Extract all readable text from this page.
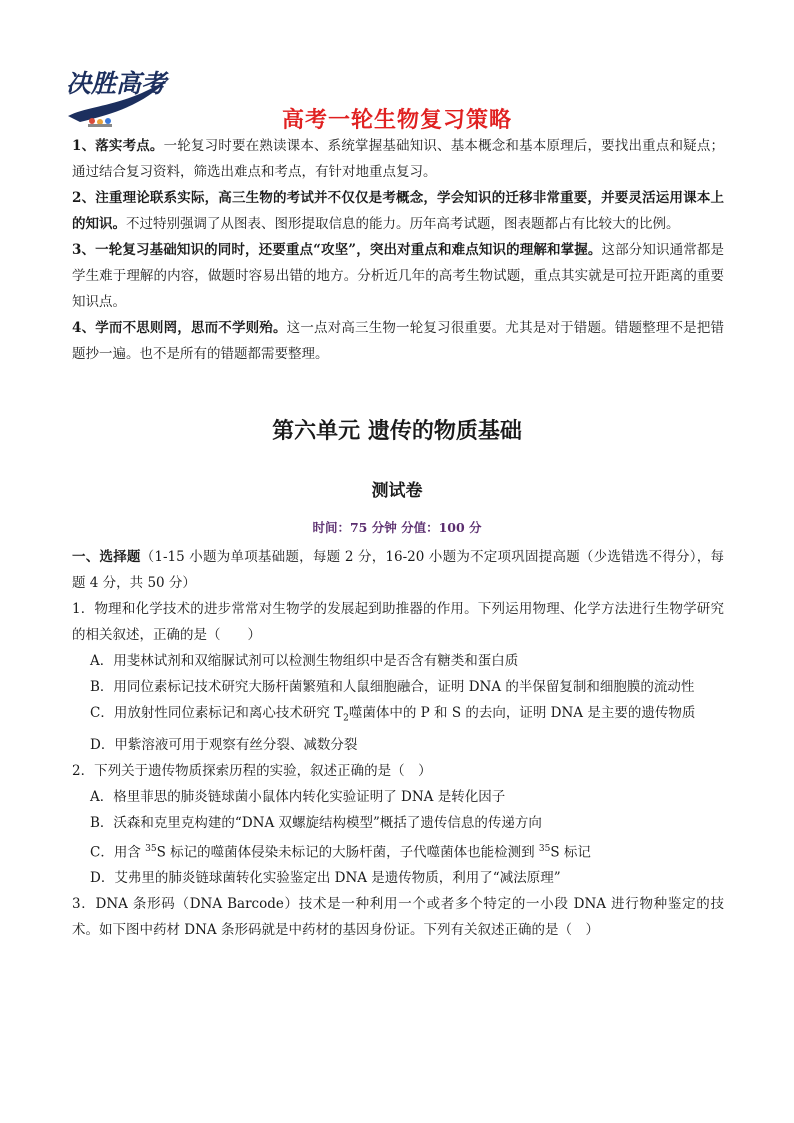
决胜高考
高考一轮生物复习策略

1、落实考点。一轮复习时要在熟读课本、系统掌握基础知识、基本概念和基本原理后，要找出重点和疑点；通过结合复习资料，筛选出难点和考点，有针对地重点复习。

2、注重理论联系实际，高三生物的考试并不仅仅是考概念，学会知识的迁移非常重要，并要灵活运用课本上的知识。不过特别强调了从图表、图形提取信息的能力。历年高考试题，图表题都占有比较大的比例。

3、一轮复习基础知识的同时，还要重点“攻坚”，突出对重点和难点知识的理解和掌握。这部分知识通常都是学生难于理解的内容，做题时容易出错的地方。分析近几年的高考生物试题，重点其实就是可拉开距离的重要知识点。

4、学而不思则罔，思而不学则殆。这一点对高三生物一轮复习很重要。尤其是对于错题。错题整理不是把错题抄一遍。也不是所有的错题都需要整理。

第六单元 遗传的物质基础
测试卷
时间：75 分钟 分值：100 分

一、选择题（1-15 小题为单项基础题，每题 2 分，16-20 小题为不定项巩固提高题（少选错选不得分），每题 4 分，共 50 分）

1．物理和化学技术的进步常常对生物学的发展起到助推器的作用。下列运用物理、化学方法进行生物学研究的相关叙述，正确的是（　　）

A．用斐林试剂和双缩脲试剂可以检测生物组织中是否含有糖类和蛋白质

B．用同位素标记技术研究大肠杆菌繁殖和人鼠细胞融合，证明 DNA 的半保留复制和细胞膜的流动性

C．用放射性同位素标记和离心技术研究 $T_2$噬菌体中的 P 和 S 的去向，证明 DNA 是主要的遗传物质

D．甲紫溶液可用于观察有丝分裂、减数分裂

2．下列关于遗传物质探索历程的实验，叙述正确的是（　）

A．格里菲思的肺炎链球菌小鼠体内转化实验证明了 DNA 是转化因子

B．沃森和克里克构建的“DNA 双螺旋结构模型”概括了遗传信息的传递方向

C．用含 $^{35}$S 标记的噬菌体侵染未标记的大肠杆菌，子代噬菌体也能检测到 $^{35}$S 标记

D．艾弗里的肺炎链球菌转化实验鉴定出 DNA 是遗传物质，利用了“减法原理”

3．DNA 条形码（DNA Barcode）技术是一种利用一个或者多个特定的一小段 DNA 进行物种鉴定的技术。如下图中药材 DNA 条形码就是中药材的基因身份证。下列有关叙述正确的是（　）
